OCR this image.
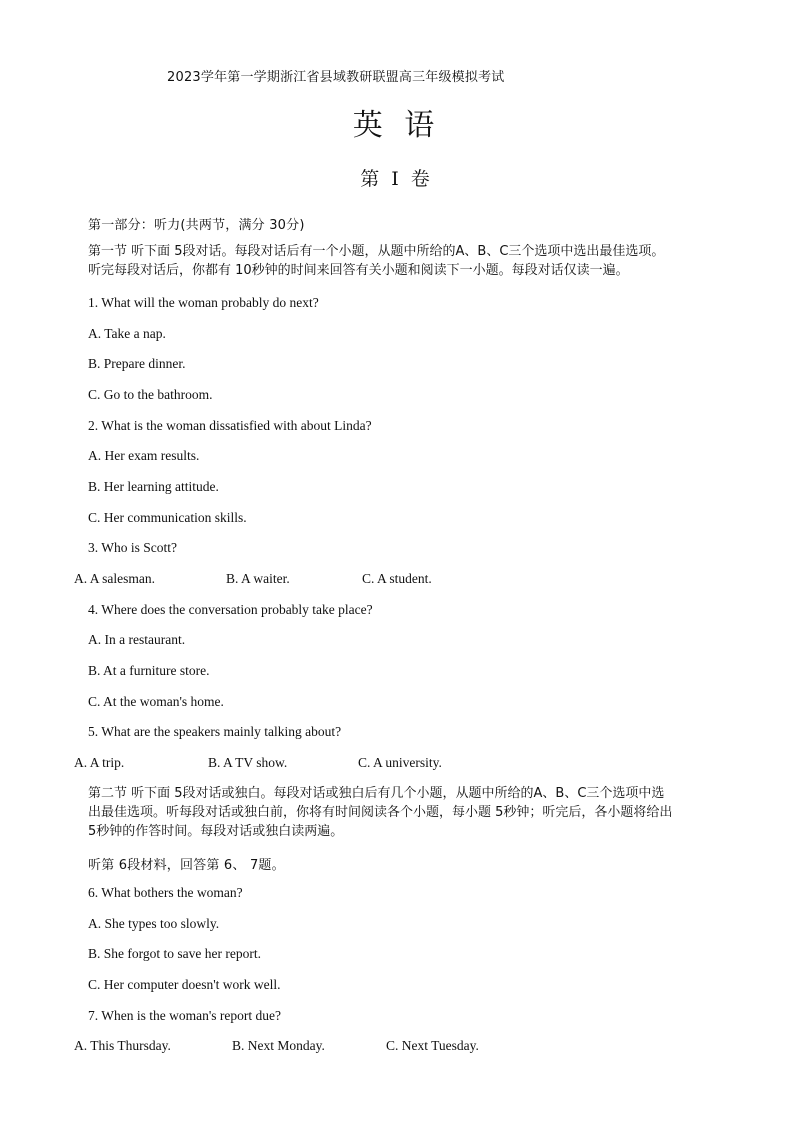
2023学年第一学期浙江省县域教研联盟高三年级模拟考试
英 语
第 I 卷
第一部分：听力(共两节，满分 30分)
第一节 听下面 5段对话。每段对话后有一个小题，从题中所给的A、B、C三个选项中选出最佳选项。
听完每段对话后，你都有 10秒钟的时间来回答有关小题和阅读下一小题。每段对话仅读一遍。
1. What will the woman probably do next?
A. Take a nap.
B. Prepare dinner.
C. Go to the bathroom.
2. What is the woman dissatisfied with about Linda?
A. Her exam results.
B. Her learning attitude.
C. Her communication skills.
3. Who is Scott?
A. A salesman.	B. A waiter.	C. A student.
4. Where does the conversation probably take place?
A. In a restaurant.
B. At a furniture store.
C. At the woman's home.
5. What are the speakers mainly talking about?
A. A trip.	B. A TV show.	C. A university.
第二节 听下面 5段对话或独白。每段对话或独白后有几个小题，从题中所给的A、B、C三个选项中选
出最佳选项。听每段对话或独白前，你将有时间阅读各个小题，每小题 5秒钟；听完后，各小题将给出
5秒钟的作答时间。每段对话或独白读两遍。
听第 6段材料，回答第 6、 7题。
6. What bothers the woman?
A. She types too slowly.
B. She forgot to save her report.
C. Her computer doesn't work well.
7. When is the woman's report due?
A. This Thursday.	B. Next Monday.	C. Next Tuesday.
